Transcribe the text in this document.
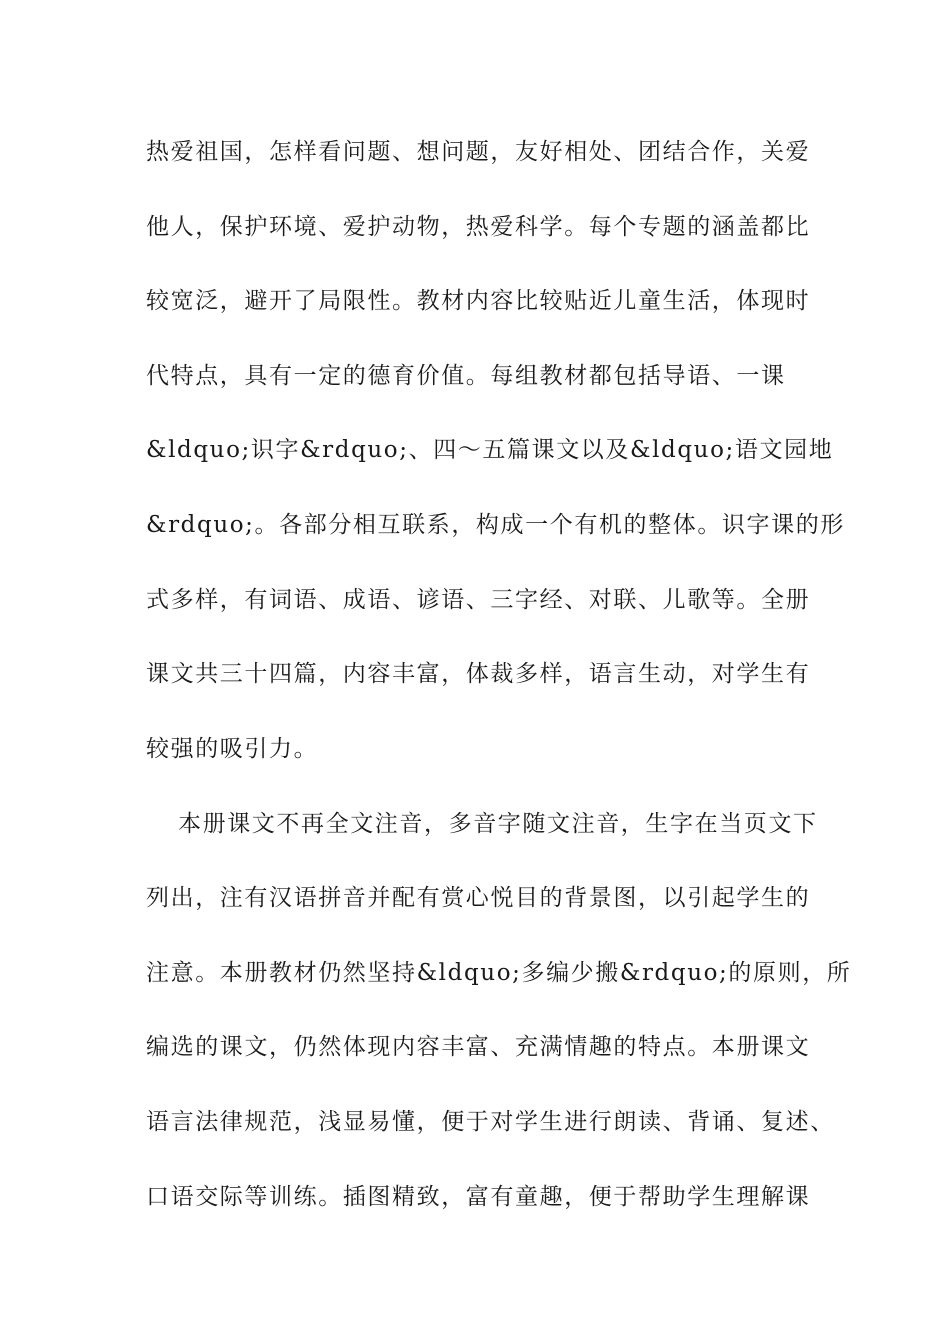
热爱祖国，怎样看问题、想问题，友好相处、团结合作，关爱
他人，保护环境、爱护动物，热爱科学。每个专题的涵盖都比
较宽泛，避开了局限性。教材内容比较贴近儿童生活，体现时
代特点，具有一定的德育价值。每组教材都包括导语、一课
&ldquo;识字&rdquo;、四～五篇课文以及&ldquo;语文园地
&rdquo;。各部分相互联系，构成一个有机的整体。识字课的形
式多样，有词语、成语、谚语、三字经、对联、儿歌等。全册
课文共三十四篇，内容丰富，体裁多样，语言生动，对学生有
较强的吸引力。
本册课文不再全文注音，多音字随文注音，生字在当页文下
列出，注有汉语拼音并配有赏心悦目的背景图，以引起学生的
注意。本册教材仍然坚持&ldquo;多编少搬&rdquo;的原则，所
编选的课文，仍然体现内容丰富、充满情趣的特点。本册课文
语言法律规范，浅显易懂，便于对学生进行朗读、背诵、复述、
口语交际等训练。插图精致，富有童趣，便于帮助学生理解课
